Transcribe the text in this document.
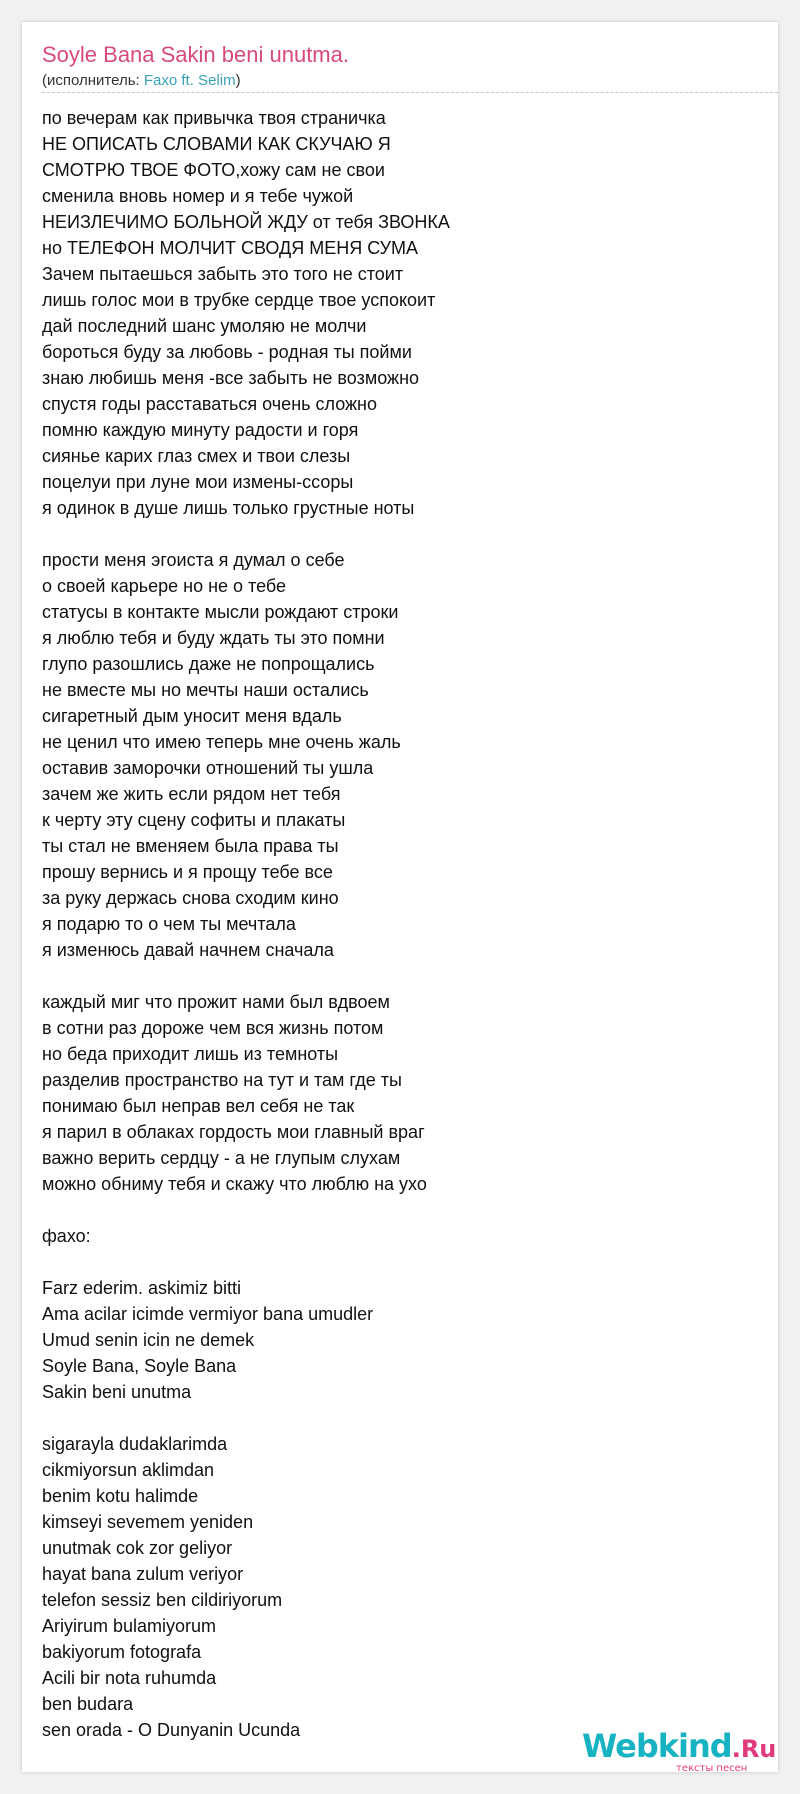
Soyle Bana Sakin beni unutma.
(исполнитель: Faxo ft. Selim)
по вечерам как привычка твоя страничка
НЕ ОПИСАТЬ СЛОВАМИ КАК СКУЧАЮ Я
СМОТРЮ ТВОЕ ФОТО,хожу сам не свои
сменила вновь номер и я тебе чужой
НЕИЗЛЕЧИМО БОЛЬНОЙ ЖДУ от тебя ЗВОНКА
но ТЕЛЕФОН МОЛЧИТ СВОДЯ МЕНЯ СУМА
Зачем пытаешься забыть это того не стоит
лишь голос мои в трубке сердце твое успокоит
дай последний шанс умоляю не молчи
бороться буду за любовь - родная ты пойми
знаю любишь меня -все забыть не возможно
спустя годы расставаться очень сложно
помню каждую минуту радости и горя
сиянье карих глаз смех и твои слезы
поцелуи при луне мои измены-ссоры
я одинок в душе лишь только грустные ноты
прости меня эгоиста я думал о себе
о своей карьере но не о тебе
статусы в контакте мысли рождают строки
я люблю тебя и буду ждать ты это помни
глупо разошлись даже не попрощались
не вместе мы но мечты наши остались
сигаретный дым уносит меня вдаль
не ценил что имею теперь мне очень жаль
оставив заморочки отношений ты ушла
зачем же жить если рядом нет тебя
к черту эту сцену софиты и плакаты
ты стал не вменяем была права ты
прошу вернись и я прощу тебе все
за руку держась снова сходим кино
я подарю то о чем ты мечтала
я изменюсь давай начнем сначала
каждый миг что прожит нами был вдвоем
в сотни раз дороже чем вся жизнь потом
но беда приходит лишь из темноты
разделив пространство на тут и там где ты
понимаю был неправ вел себя не так
я парил в облаках гордость мои главный враг
важно верить сердцу - а не глупым слухам
можно обниму тебя и скажу что люблю на ухо
фахо:
Farz ederim. askimiz bitti
Ama acilar icimde vermiyor bana umudler
Umud senin icin ne demek
Soyle Bana, Soyle Bana
Sakin beni unutma
sigarayla dudaklarimda
cikmiyorsun aklimdan
benim kotu halimde
kimseyi sevemem yeniden
unutmak cok zor geliyor
hayat bana zulum veriyor
telefon sessiz ben cildiriyorum
Ariyirum bulamiyorum
bakiyorum fotografa
Acili bir nota ruhumda
ben budara
sen orada - O Dunyanin Ucunda	Webkind.Ru
тексты песен
